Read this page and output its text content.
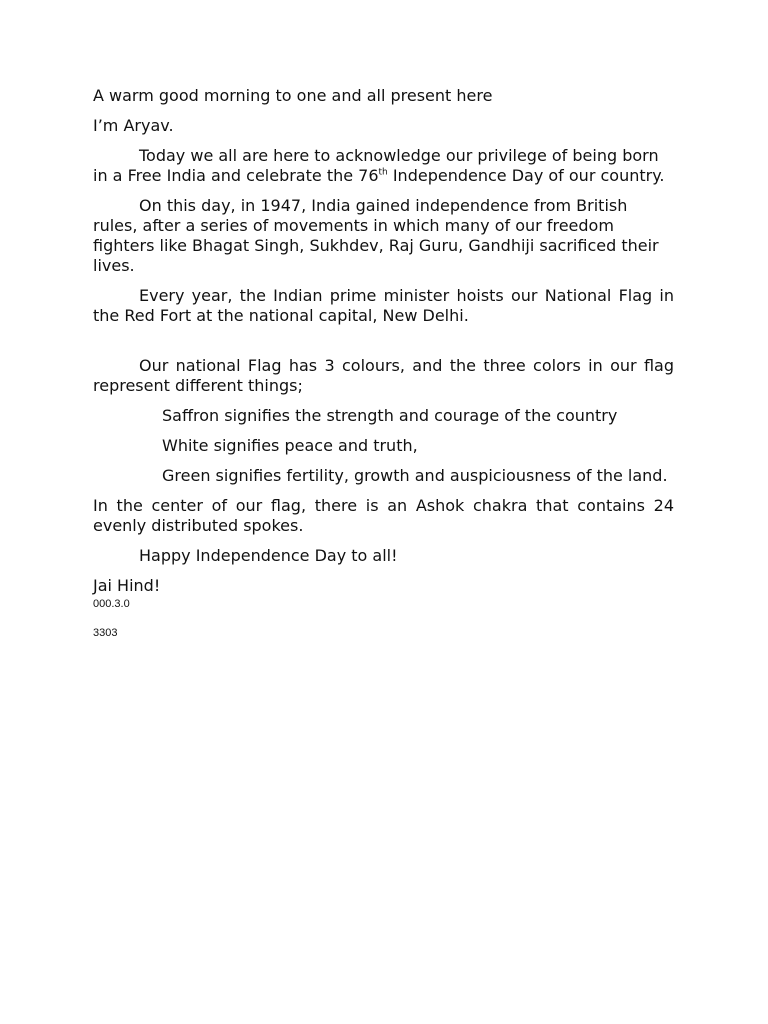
A warm good morning to one and all present here

I’m Aryav.

Today we all are here to acknowledge our privilege of being born in a Free India and celebrate the 76th Independence Day of our country.

On this day, in 1947, India gained independence from British rules, after a series of movements in which many of our freedom fighters like Bhagat Singh, Sukhdev, Raj Guru, Gandhiji sacrificed their lives.

Every year, the Indian prime minister hoists our National Flag in the Red Fort at the national capital, New Delhi.

Our national Flag has 3 colours, and the three colors in our flag represent different things;

Saffron signifies the strength and courage of the country

White signifies peace and truth,

Green signifies fertility, growth and auspiciousness of the land.

In the center of our flag, there is an Ashok chakra that contains 24 evenly distributed spokes.

Happy Independence Day to all!

Jai Hind!

000.3.0

3303
